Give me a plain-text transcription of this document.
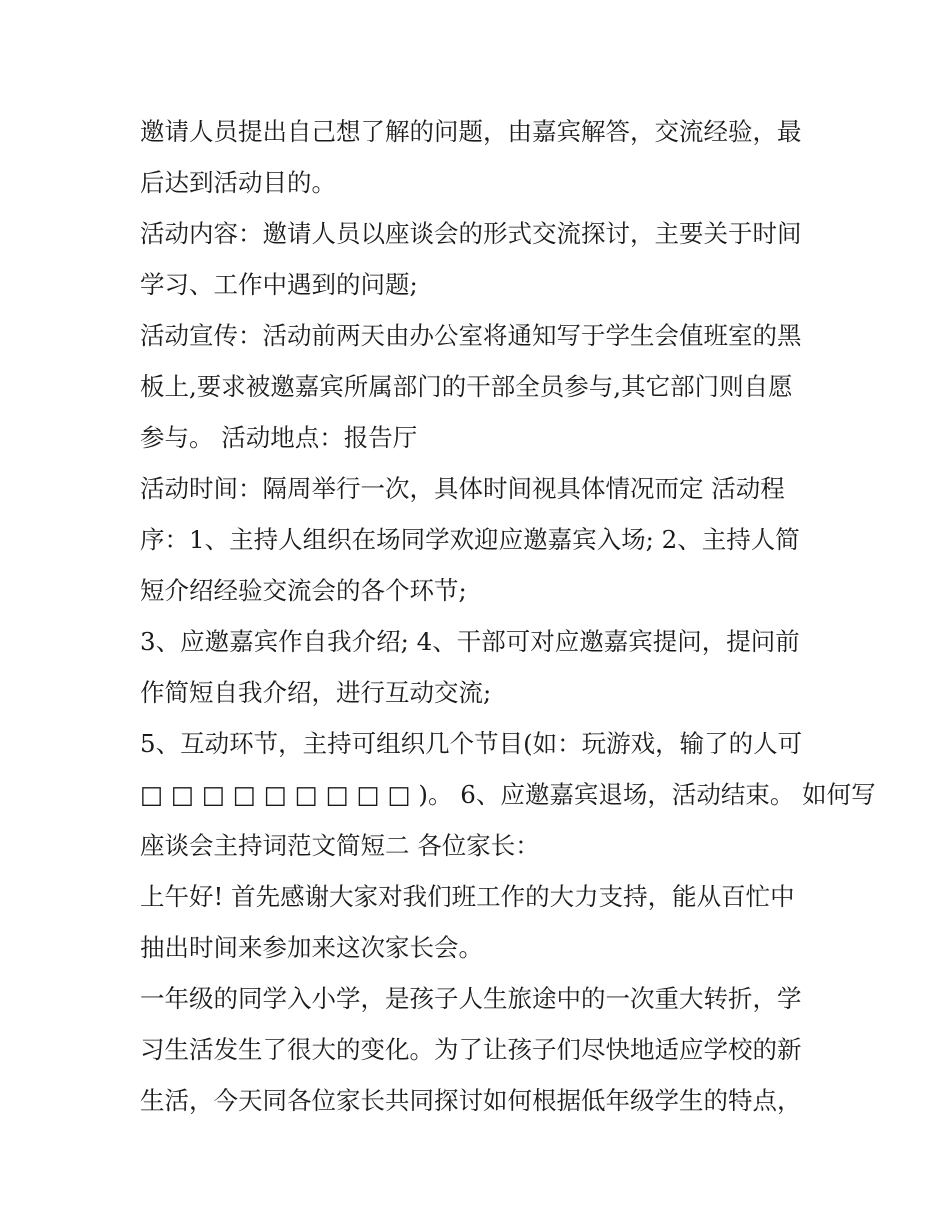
邀请人员提出自己想了解的问题，由嘉宾解答，交流经验，最
后达到活动目的。
活动内容：邀请人员以座谈会的形式交流探讨，主要关于时间
学习、工作中遇到的问题;
活动宣传：活动前两天由办公室将通知写于学生会值班室的黑
板上,要求被邀嘉宾所属部门的干部全员参与,其它部门则自愿
参与。 活动地点：报告厅
活动时间：隔周举行一次，具体时间视具体情况而定 活动程
序：1、主持人组织在场同学欢迎应邀嘉宾入场; 2、主持人简
短介绍经验交流会的各个环节;
3、应邀嘉宾作自我介绍; 4、干部可对应邀嘉宾提问，提问前
作简短自我介绍，进行互动交流;
5、互动环节，主持可组织几个节目(如：玩游戏，输了的人可
□ □ □ □ □ □ □ □ □ )。 6、应邀嘉宾退场，活动结束。 如何写
座谈会主持词范文简短二 各位家长：
上午好! 首先感谢大家对我们班工作的大力支持，能从百忙中
抽出时间来参加来这次家长会。
一年级的同学入小学，是孩子人生旅途中的一次重大转折，学
习生活发生了很大的变化。为了让孩子们尽快地适应学校的新
生活，今天同各位家长共同探讨如何根据低年级学生的特点，
